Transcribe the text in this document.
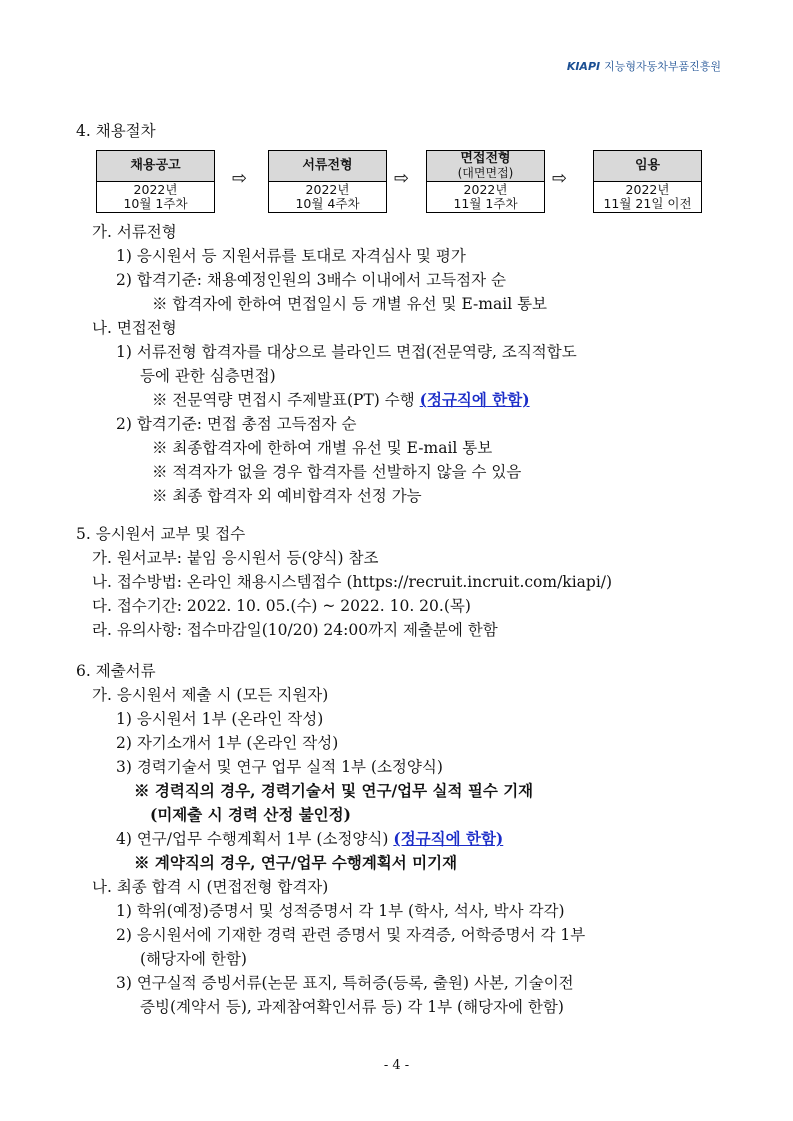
KIAPI 지능형자동차부품진흥원
4. 채용절차
채용공고
2022년
10월 1주차
⇨
서류전형
2022년
10월 4주차
⇨
면접전형
(대면면접)
2022년
11월 1주차
⇨
임용
2022년
11월 21일 이전
가. 서류전형
1) 응시원서 등 지원서류를 토대로 자격심사 및 평가
2) 합격기준: 채용예정인원의 3배수 이내에서 고득점자 순
※ 합격자에 한하여 면접일시 등 개별 유선 및 E-mail 통보
나. 면접전형
1) 서류전형 합격자를 대상으로 블라인드 면접(전문역량, 조직적합도
등에 관한 심층면접)
※ 전문역량 면접시 주제발표(PT) 수행 (정규직에 한함)
2) 합격기준: 면접 총점 고득점자 순
※ 최종합격자에 한하여 개별 유선 및 E-mail 통보
※ 적격자가 없을 경우 합격자를 선발하지 않을 수 있음
※ 최종 합격자 외 예비합격자 선정 가능
5. 응시원서 교부 및 접수
가. 원서교부: 붙임 응시원서 등(양식) 참조
나. 접수방법: 온라인 채용시스템접수 (https://recruit.incruit.com/kiapi/)
다. 접수기간: 2022. 10. 05.(수) ~ 2022. 10. 20.(목)
라. 유의사항: 접수마감일(10/20) 24:00까지 제출분에 한함
6. 제출서류
가. 응시원서 제출 시 (모든 지원자)
1) 응시원서 1부 (온라인 작성)
2) 자기소개서 1부 (온라인 작성)
3) 경력기술서 및 연구 업무 실적 1부 (소정양식)
※ 경력직의 경우, 경력기술서 및 연구/업무 실적 필수 기재
(미제출 시 경력 산정 불인정)
4) 연구/업무 수행계획서 1부 (소정양식) (정규직에 한함)
※ 계약직의 경우, 연구/업무 수행계획서 미기재
나. 최종 합격 시 (면접전형 합격자)
1) 학위(예정)증명서 및 성적증명서 각 1부 (학사, 석사, 박사 각각)
2) 응시원서에 기재한 경력 관련 증명서 및 자격증, 어학증명서 각 1부
(해당자에 한함)
3) 연구실적 증빙서류(논문 표지, 특허증(등록, 출원) 사본, 기술이전
증빙(계약서 등), 과제참여확인서류 등) 각 1부 (해당자에 한함)
- 4 -
